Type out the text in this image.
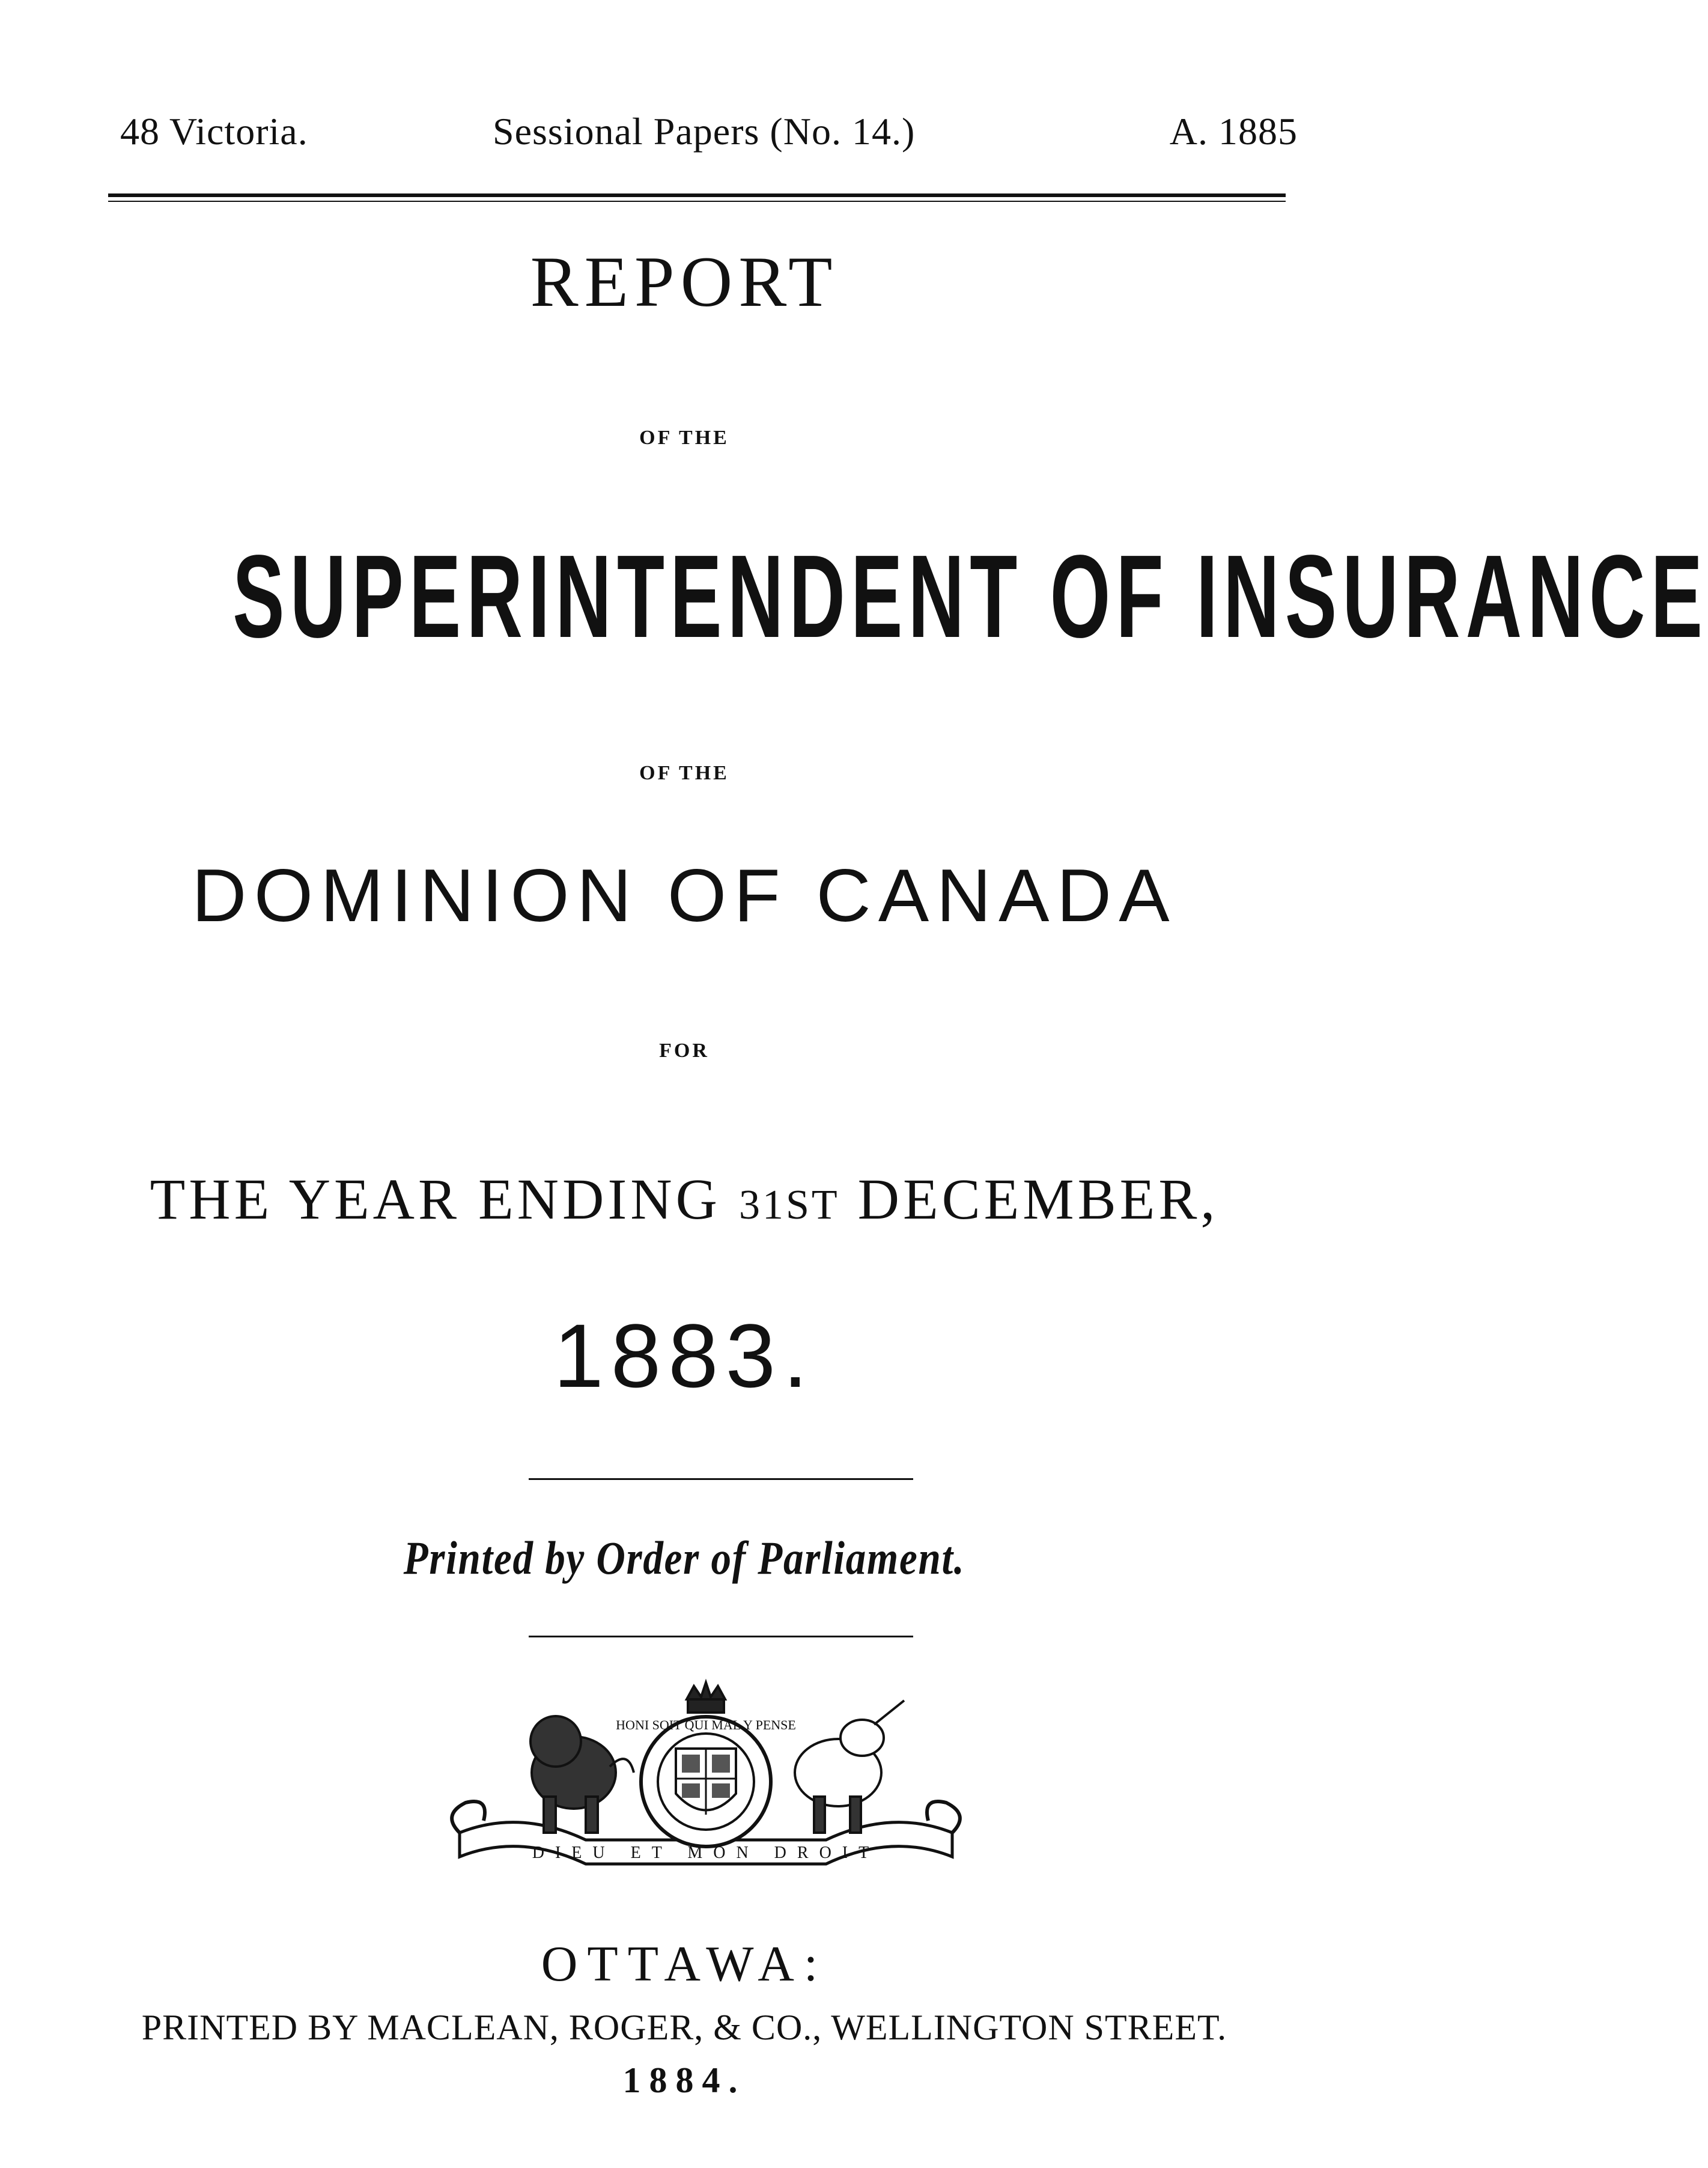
48 Victoria.	Sessional Papers (No. 14.)	A. 1885
REPORT
OF THE
SUPERINTENDENT OF INSURANCE
OF THE
DOMINION OF CANADA
FOR
THE YEAR ENDING 31ST DECEMBER,
1883.
Printed by Order of Parliament.
HONI SOIT QUI MAL Y PENSE
DIEU ET MON DROIT
OTTAWA:
PRINTED BY MACLEAN, ROGER, & CO., WELLINGTON STREET.
1884.
